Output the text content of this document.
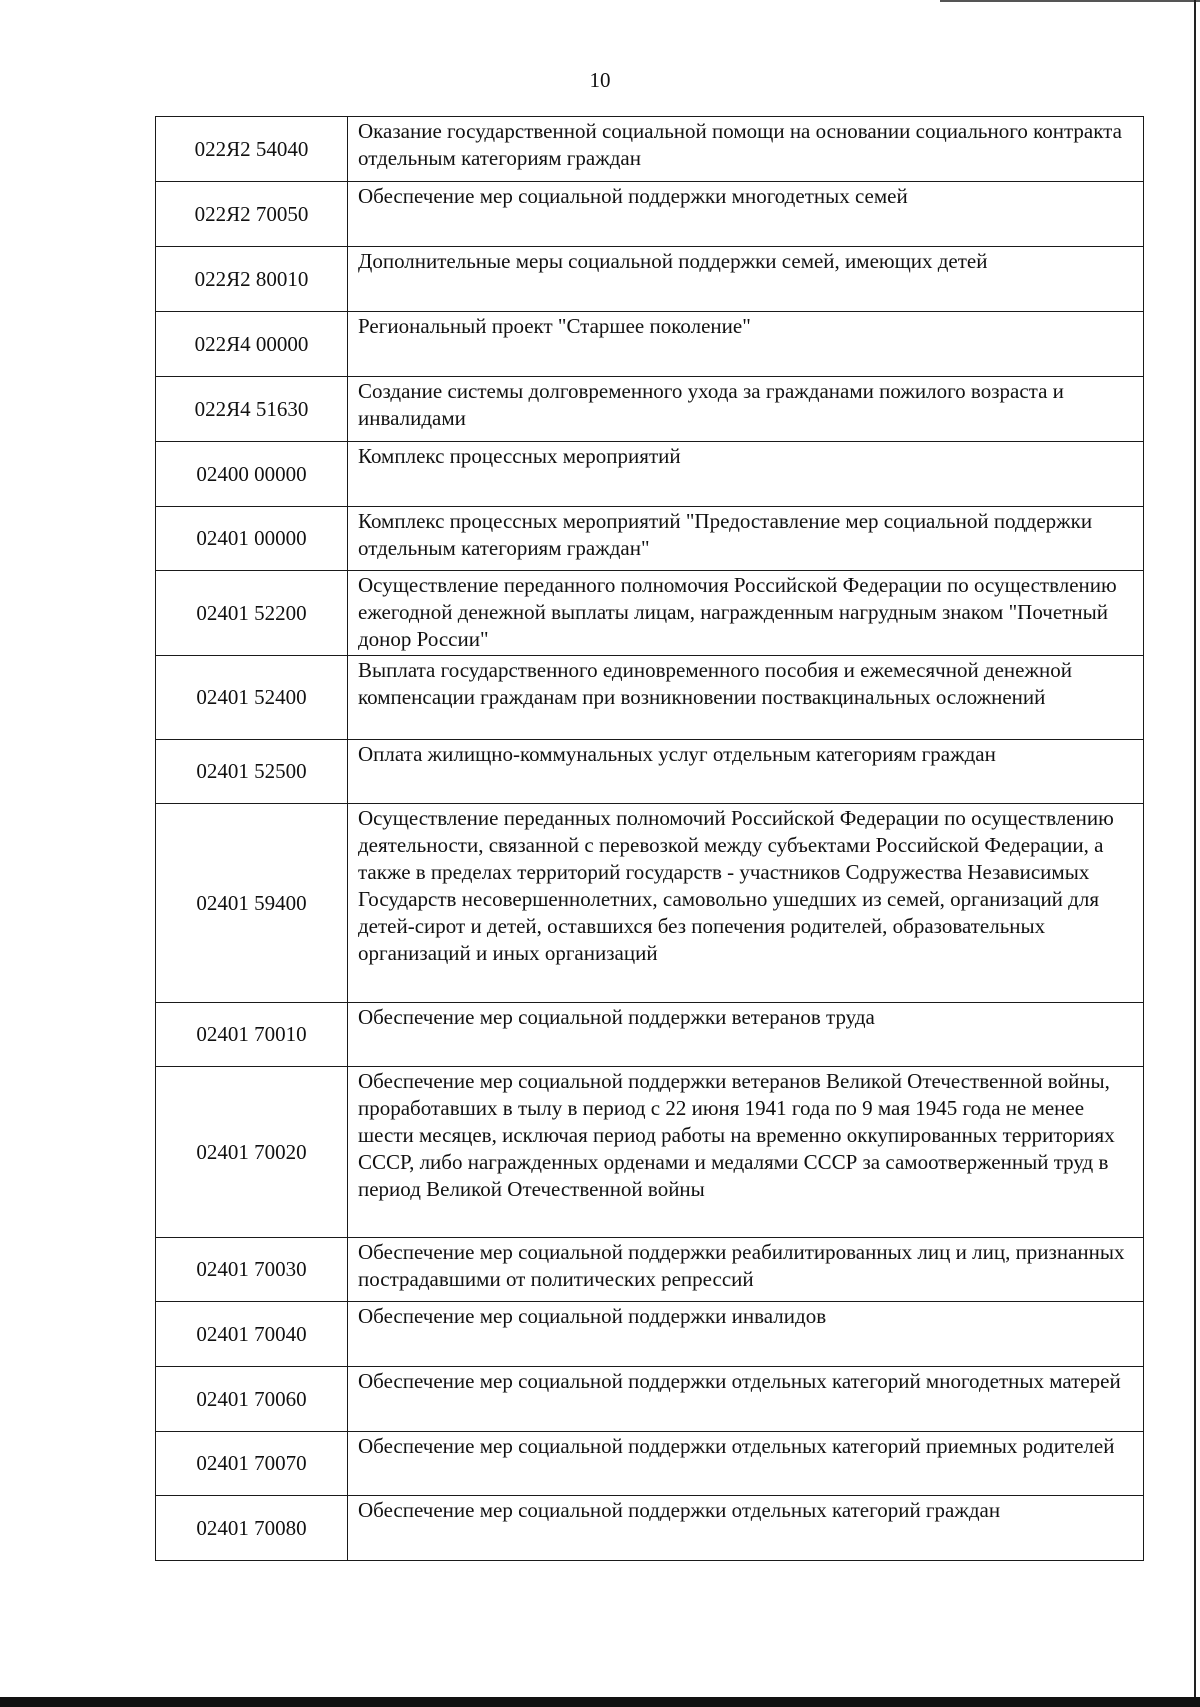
10
022Я2 54040	Оказание государственной социальной помощи на основании социального контракта отдельным категориям граждан
022Я2 70050	Обеспечение мер социальной поддержки многодетных семей
022Я2 80010	Дополнительные меры социальной поддержки семей, имеющих детей
022Я4 00000	Региональный проект "Старшее поколение"
022Я4 51630	Создание системы долговременного ухода за гражданами пожилого возраста и инвалидами
02400 00000	Комплекс процессных мероприятий
02401 00000	Комплекс процессных мероприятий "Предоставление мер социальной поддержки отдельным категориям граждан"
02401 52200	Осуществление переданного полномочия Российской Федерации по осуществлению ежегодной денежной выплаты лицам, награжденным нагрудным знаком "Почетный донор России"
02401 52400	Выплата государственного единовременного пособия и ежемесячной денежной компенсации гражданам при возникновении поствакцинальных осложнений
02401 52500	Оплата жилищно-коммунальных услуг отдельным категориям граждан
02401 59400	Осуществление переданных полномочий Российской Федерации по осуществлению деятельности, связанной с перевозкой между субъектами Российской Федерации, а также в пределах территорий государств - участников Содружества Независимых Государств несовершеннолетних, самовольно ушедших из семей, организаций для детей-сирот и детей, оставшихся без попечения родителей, образовательных организаций и иных организаций
02401 70010	Обеспечение мер социальной поддержки ветеранов труда
02401 70020	Обеспечение мер социальной поддержки ветеранов Великой Отечественной войны, проработавших в тылу в период с 22 июня 1941 года по 9 мая 1945 года не менее шести месяцев, исключая период работы на временно оккупированных территориях СССР, либо награжденных орденами и медалями СССР за самоотверженный труд в период Великой Отечественной войны
02401 70030	Обеспечение мер социальной поддержки реабилитированных лиц и лиц, признанных пострадавшими от политических репрессий
02401 70040	Обеспечение мер социальной поддержки инвалидов
02401 70060	Обеспечение мер социальной поддержки отдельных категорий многодетных матерей
02401 70070	Обеспечение мер социальной поддержки отдельных категорий приемных родителей
02401 70080	Обеспечение мер социальной поддержки отдельных категорий граждан
